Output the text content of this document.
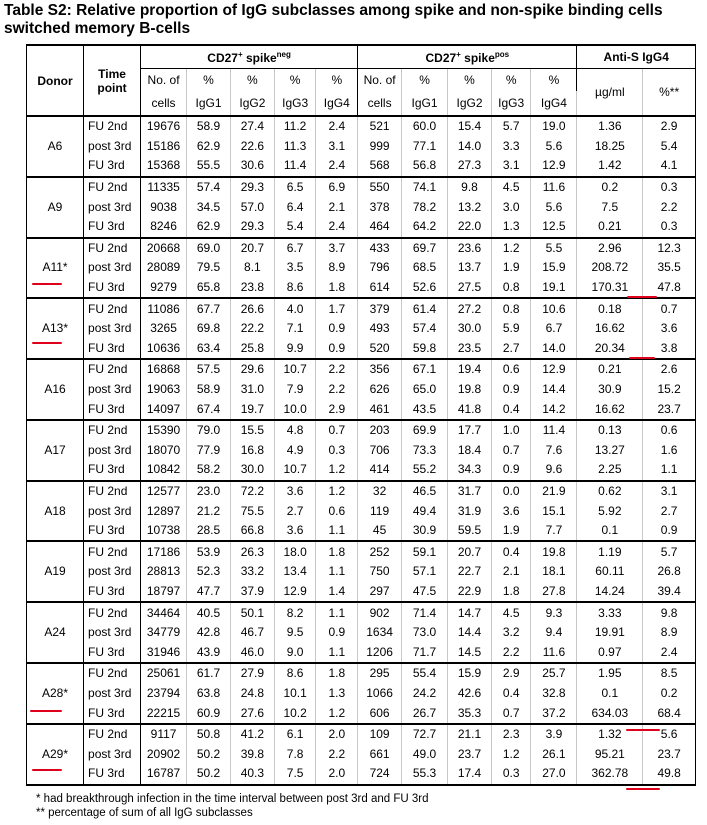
Table S2: Relative proportion of IgG subclasses among spike and non-spike binding cells switched memory B-cells
Donor	Time
point	CD27+ spike$^{neg}$					CD27+ spike$^{pos}$					Anti-S IgG4	
		No. of	%	%	%	%	No. of	%	%	%	%	µg/ml	%**
		cells	IgG1	IgG2	IgG3	IgG4	cells	IgG1	IgG2	IgG3	IgG4		
A6	FU 2nd	19676	58.9	27.4	11.2	2.4	521	60.0	15.4	5.7	19.0	1.36	2.9
	post 3rd	15186	62.9	22.6	11.3	3.1	999	77.1	14.0	3.3	5.6	18.25	5.4
	FU 3rd	15368	55.5	30.6	11.4	2.4	568	56.8	27.3	3.1	12.9	1.42	4.1
A9	FU 2nd	11335	57.4	29.3	6.5	6.9	550	74.1	9.8	4.5	11.6	0.2	0.3
	post 3rd	9038	34.5	57.0	6.4	2.1	378	78.2	13.2	3.0	5.6	7.5	2.2
	FU 3rd	8246	62.9	29.3	5.4	2.4	464	64.2	22.0	1.3	12.5	0.21	0.3
A11*	FU 2nd	20668	69.0	20.7	6.7	3.7	433	69.7	23.6	1.2	5.5	2.96	12.3
	post 3rd	28089	79.5	8.1	3.5	8.9	796	68.5	13.7	1.9	15.9	208.72	35.5
	FU 3rd	9279	65.8	23.8	8.6	1.8	614	52.6	27.5	0.8	19.1	170.31	47.8
A13*	FU 2nd	11086	67.7	26.6	4.0	1.7	379	61.4	27.2	0.8	10.6	0.18	0.7
	post 3rd	3265	69.8	22.2	7.1	0.9	493	57.4	30.0	5.9	6.7	16.62	3.6
	FU 3rd	10636	63.4	25.8	9.9	0.9	520	59.8	23.5	2.7	14.0	20.34	3.8
A16	FU 2nd	16868	57.5	29.6	10.7	2.2	356	67.1	19.4	0.6	12.9	0.21	2.6
	post 3rd	19063	58.9	31.0	7.9	2.2	626	65.0	19.8	0.9	14.4	30.9	15.2
	FU 3rd	14097	67.4	19.7	10.0	2.9	461	43.5	41.8	0.4	14.2	16.62	23.7
A17	FU 2nd	15390	79.0	15.5	4.8	0.7	203	69.9	17.7	1.0	11.4	0.13	0.6
	post 3rd	18070	77.9	16.8	4.9	0.3	706	73.3	18.4	0.7	7.6	13.27	1.6
	FU 3rd	10842	58.2	30.0	10.7	1.2	414	55.2	34.3	0.9	9.6	2.25	1.1
A18	FU 2nd	12577	23.0	72.2	3.6	1.2	32	46.5	31.7	0.0	21.9	0.62	3.1
	post 3rd	12897	21.2	75.5	2.7	0.6	119	49.4	31.9	3.6	15.1	5.92	2.7
	FU 3rd	10738	28.5	66.8	3.6	1.1	45	30.9	59.5	1.9	7.7	0.1	0.9
A19	FU 2nd	17186	53.9	26.3	18.0	1.8	252	59.1	20.7	0.4	19.8	1.19	5.7
	post 3rd	28813	52.3	33.2	13.4	1.1	750	57.1	22.7	2.1	18.1	60.11	26.8
	FU 3rd	18797	47.7	37.9	12.9	1.4	297	47.5	22.9	1.8	27.8	14.24	39.4
A24	FU 2nd	34464	40.5	50.1	8.2	1.1	902	71.4	14.7	4.5	9.3	3.33	9.8
	post 3rd	34779	42.8	46.7	9.5	0.9	1634	73.0	14.4	3.2	9.4	19.91	8.9
	FU 3rd	31946	43.9	46.0	9.0	1.1	1206	71.7	14.5	2.2	11.6	0.97	2.4
A28*	FU 2nd	25061	61.7	27.9	8.6	1.8	295	55.4	15.9	2.9	25.7	1.95	8.5
	post 3rd	23794	63.8	24.8	10.1	1.3	1066	24.2	42.6	0.4	32.8	0.1	0.2
	FU 3rd	22215	60.9	27.6	10.2	1.2	606	26.7	35.3	0.7	37.2	634.03	68.4
A29*	FU 2nd	9117	50.8	41.2	6.1	2.0	109	72.7	21.1	2.3	3.9	1.32	5.6
	post 3rd	20902	50.2	39.8	7.8	2.2	661	49.0	23.7	1.2	26.1	95.21	23.7
	FU 3rd	16787	50.2	40.3	7.5	2.0	724	55.3	17.4	0.3	27.0	362.78	49.8
* had breakthrough infection in the time interval between post 3rd and FU 3rd
** percentage of sum of all IgG subclasses
